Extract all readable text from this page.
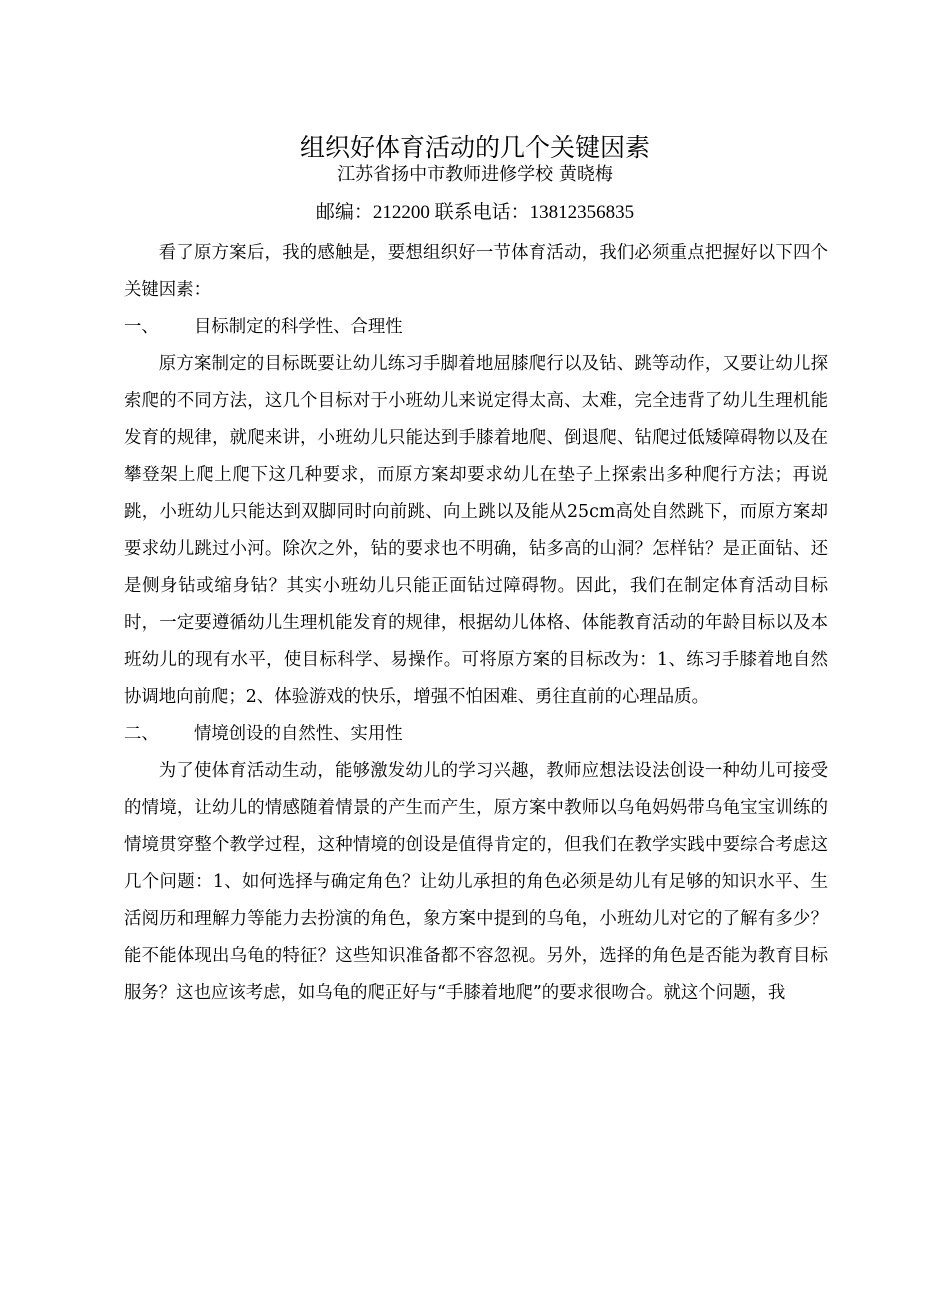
组织好体育活动的几个关键因素
江苏省扬中市教师进修学校 黄晓梅
邮编：212200 联系电话：13812356835

看了原方案后，我的感触是，要想组织好一节体育活动，我们必须重点把握好以下四个关键因素：

一、 目标制定的科学性、合理性

原方案制定的目标既要让幼儿练习手脚着地屈膝爬行以及钻、跳等动作，又要让幼儿探索爬的不同方法，这几个目标对于小班幼儿来说定得太高、太难，完全违背了幼儿生理机能发育的规律，就爬来讲，小班幼儿只能达到手膝着地爬、倒退爬、钻爬过低矮障碍物以及在攀登架上爬上爬下这几种要求，而原方案却要求幼儿在垫子上探索出多种爬行方法；再说跳，小班幼儿只能达到双脚同时向前跳、向上跳以及能从25cm高处自然跳下，而原方案却要求幼儿跳过小河。除次之外，钻的要求也不明确，钻多高的山洞？怎样钻？是正面钻、还是侧身钻或缩身钻？其实小班幼儿只能正面钻过障碍物。因此，我们在制定体育活动目标时，一定要遵循幼儿生理机能发育的规律，根据幼儿体格、体能教育活动的年龄目标以及本班幼儿的现有水平，使目标科学、易操作。可将原方案的目标改为：1、练习手膝着地自然协调地向前爬；2、体验游戏的快乐，增强不怕困难、勇往直前的心理品质。

二、 情境创设的自然性、实用性

为了使体育活动生动，能够激发幼儿的学习兴趣，教师应想法设法创设一种幼儿可接受的情境，让幼儿的情感随着情景的产生而产生，原方案中教师以乌龟妈妈带乌龟宝宝训练的情境贯穿整个教学过程，这种情境的创设是值得肯定的，但我们在教学实践中要综合考虑这几个问题：1、如何选择与确定角色？让幼儿承担的角色必须是幼儿有足够的知识水平、生活阅历和理解力等能力去扮演的角色，象方案中提到的乌龟，小班幼儿对它的了解有多少？能不能体现出乌龟的特征？这些知识准备都不容忽视。另外，选择的角色是否能为教育目标服务？这也应该考虑，如乌龟的爬正好与“手膝着地爬”的要求很吻合。就这个问题，我
